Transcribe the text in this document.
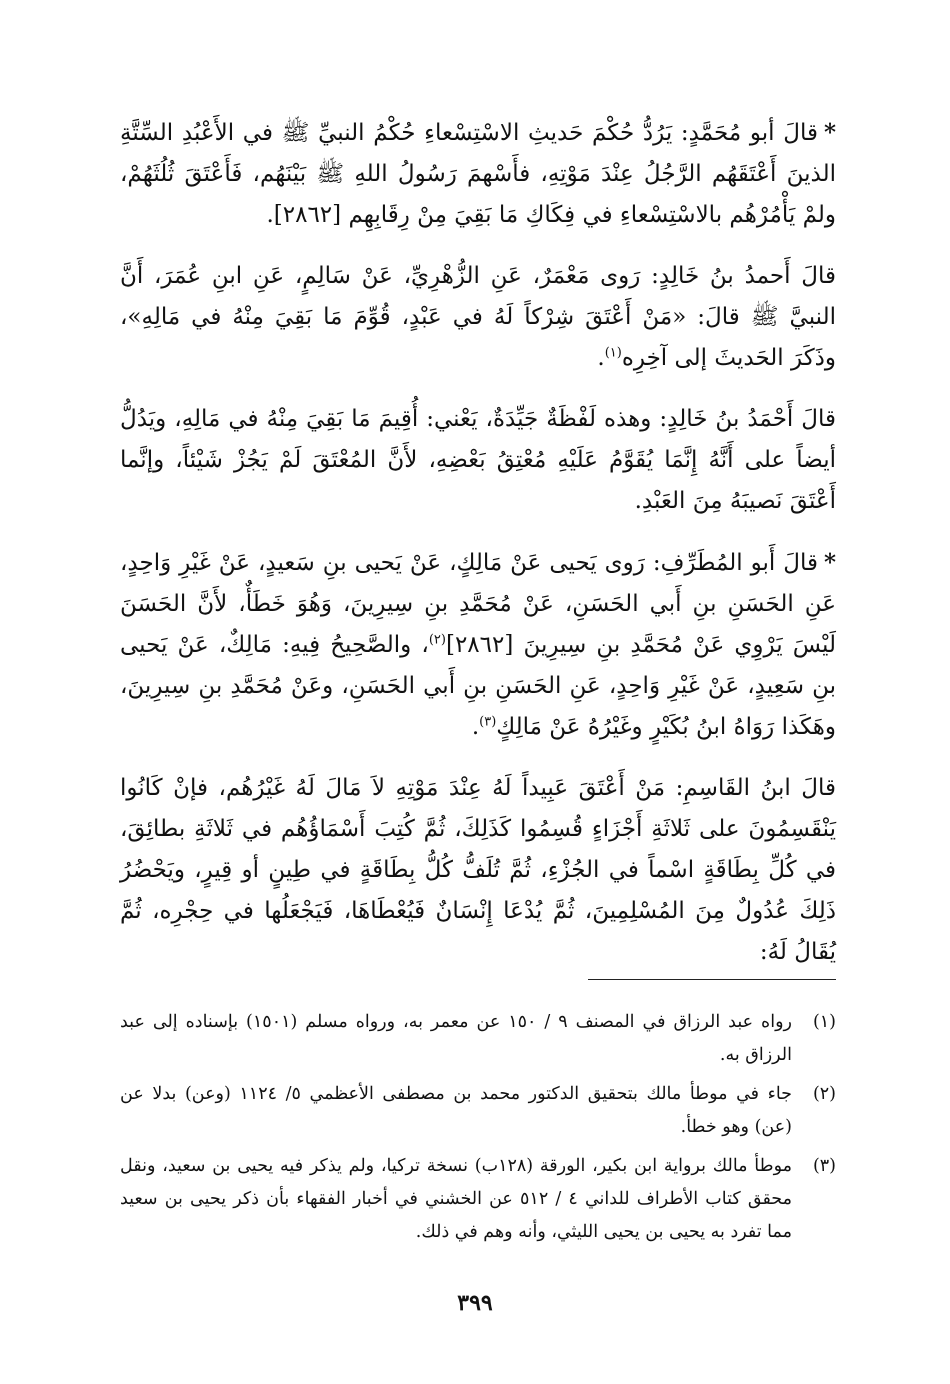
*قالَ أبو مُحَمَّدٍ: يَرُدُّ حُكْمَ حَديثِ الاسْتِسْعاءِ حُكْمُ النبيِّ ﷺ في الأَعْبُدِ السِّتَّةِ الذينَ أَعْتَقَهُم الرَّجُلُ عِنْدَ مَوْتِهِ، فأَسْهمَ رَسُولُ اللهِ ﷺ بَيْنَهُم، فَأَعْتَقَ ثُلُثَهُمْ، ولمْ يَأْمُرْهُم بالاسْتِسْعاءِ في فِكَاكِ مَا بَقِيَ مِنْ رِقَابِهِم [٢٨٦٢].

قالَ أَحمدُ بنُ خَالِدٍ: رَوى مَعْمَرٌ، عَنِ الزُّهْرِيِّ، عَنْ سَالِمٍ، عَنِ ابنِ عُمَرَ، أَنَّ النبيَّ ﷺ قالَ: «مَنْ أَعْتَقَ شِرْكاً لَهُ في عَبْدٍ، قُوِّمَ مَا بَقِيَ مِنْهُ في مَالِهِ»، وذَكَرَ الحَديثَ إلى آخِرِه$^{(١)}$.

قالَ أَحْمَدُ بنُ خَالِدٍ: وهذه لَفْظَةٌ جَيِّدَةٌ، يَعْني: أُقِيمَ مَا بَقِيَ مِنْهُ في مَالِهِ، ويَدُلُّ أيضاً على أَنَّهُ إِنَّمَا يُقَوَّمُ عَلَيْهِ مُعْتِقُ بَعْضِهِ، لأَنَّ المُعْتَقَ لَمْ يَجُزْ شَيْئاً، وإنَّما أَعْتَقَ نَصيبَهُ مِنَ العَبْدِ.

*قالَ أَبو المُطَرِّفِ: رَوى يَحيى عَنْ مَالِكٍ، عَنْ يَحيى بنِ سَعيدٍ، عَنْ غَيْرِ وَاحِدٍ، عَنِ الحَسَنِ بنِ أَبي الحَسَنِ، عَنْ مُحَمَّدِ بنِ سِيرِينَ، وَهُوَ خَطَأٌ، لأَنَّ الحَسَنَ لَيْسَ يَرْوِي عَنْ مُحَمَّدِ بنِ سِيرِينَ [٢٨٦٢]$^{(٢)}$، والصَّحِيحُ فِيهِ: مَالِكٌ، عَنْ يَحيى بنِ سَعِيدٍ، عَنْ غَيْرِ وَاحِدٍ، عَنِ الحَسَنِ بنِ أَبي الحَسَنِ، وعَنْ مُحَمَّدِ بنِ سِيرِينَ، وهَكَذا رَوَاهُ ابنُ بُكَيْرٍ وغَيْرُهُ عَنْ مَالِكٍ$^{(٣)}$.

قالَ ابنُ القَاسِمِ: مَنْ أَعْتَقَ عَبِيداً لَهُ عِنْدَ مَوْتِهِ لاَ مَالَ لَهُ غَيْرُهُم، فإنْ كَانُوا يَنْقَسِمُونَ على ثَلاثَةِ أَجْزَاءٍ قُسِمُوا كَذَلِكَ، ثُمَّ كُتِبَ أَسْمَاؤُهُم في ثَلاثَةِ بطائِقَ، في كُلِّ بِطَاقَةٍ اسْماً في الجُزْءِ، ثُمَّ تُلَفُّ كُلُّ بِطَاقَةٍ في طِينٍ أو قِيرٍ، ويَحْضُرُ ذَلِكَ عُدُولٌ مِنَ المُسْلِمِينَ، ثُمَّ يُدْعَا إِنْسَانٌ فَيُعْطَاهَا، فَيَجْعَلُها في حِجْرِه، ثُمَّ يُقَالُ لَهُ:

(١)
رواه عبد الرزاق في المصنف ٩ / ١٥٠ عن معمر به، ورواه مسلم (١٥٠١) بإسناده إلى عبد الرزاق به.
(٢)
جاء في موطأ مالك بتحقيق الدكتور محمد بن مصطفى الأعظمي ٥/ ١١٢٤ (وعن) بدلا عن (عن) وهو خطأ.
(٣)
موطأ مالك برواية ابن بكير، الورقة (١٢٨ب) نسخة تركيا، ولم يذكر فيه يحيى بن سعيد، ونقل محقق كتاب الأطراف للداني ٤ / ٥١٢ عن الخشني في أخبار الفقهاء بأن ذكر يحيى بن سعيد مما تفرد به يحيى بن يحيى الليثي، وأنه وهم في ذلك.
٣٩٩
